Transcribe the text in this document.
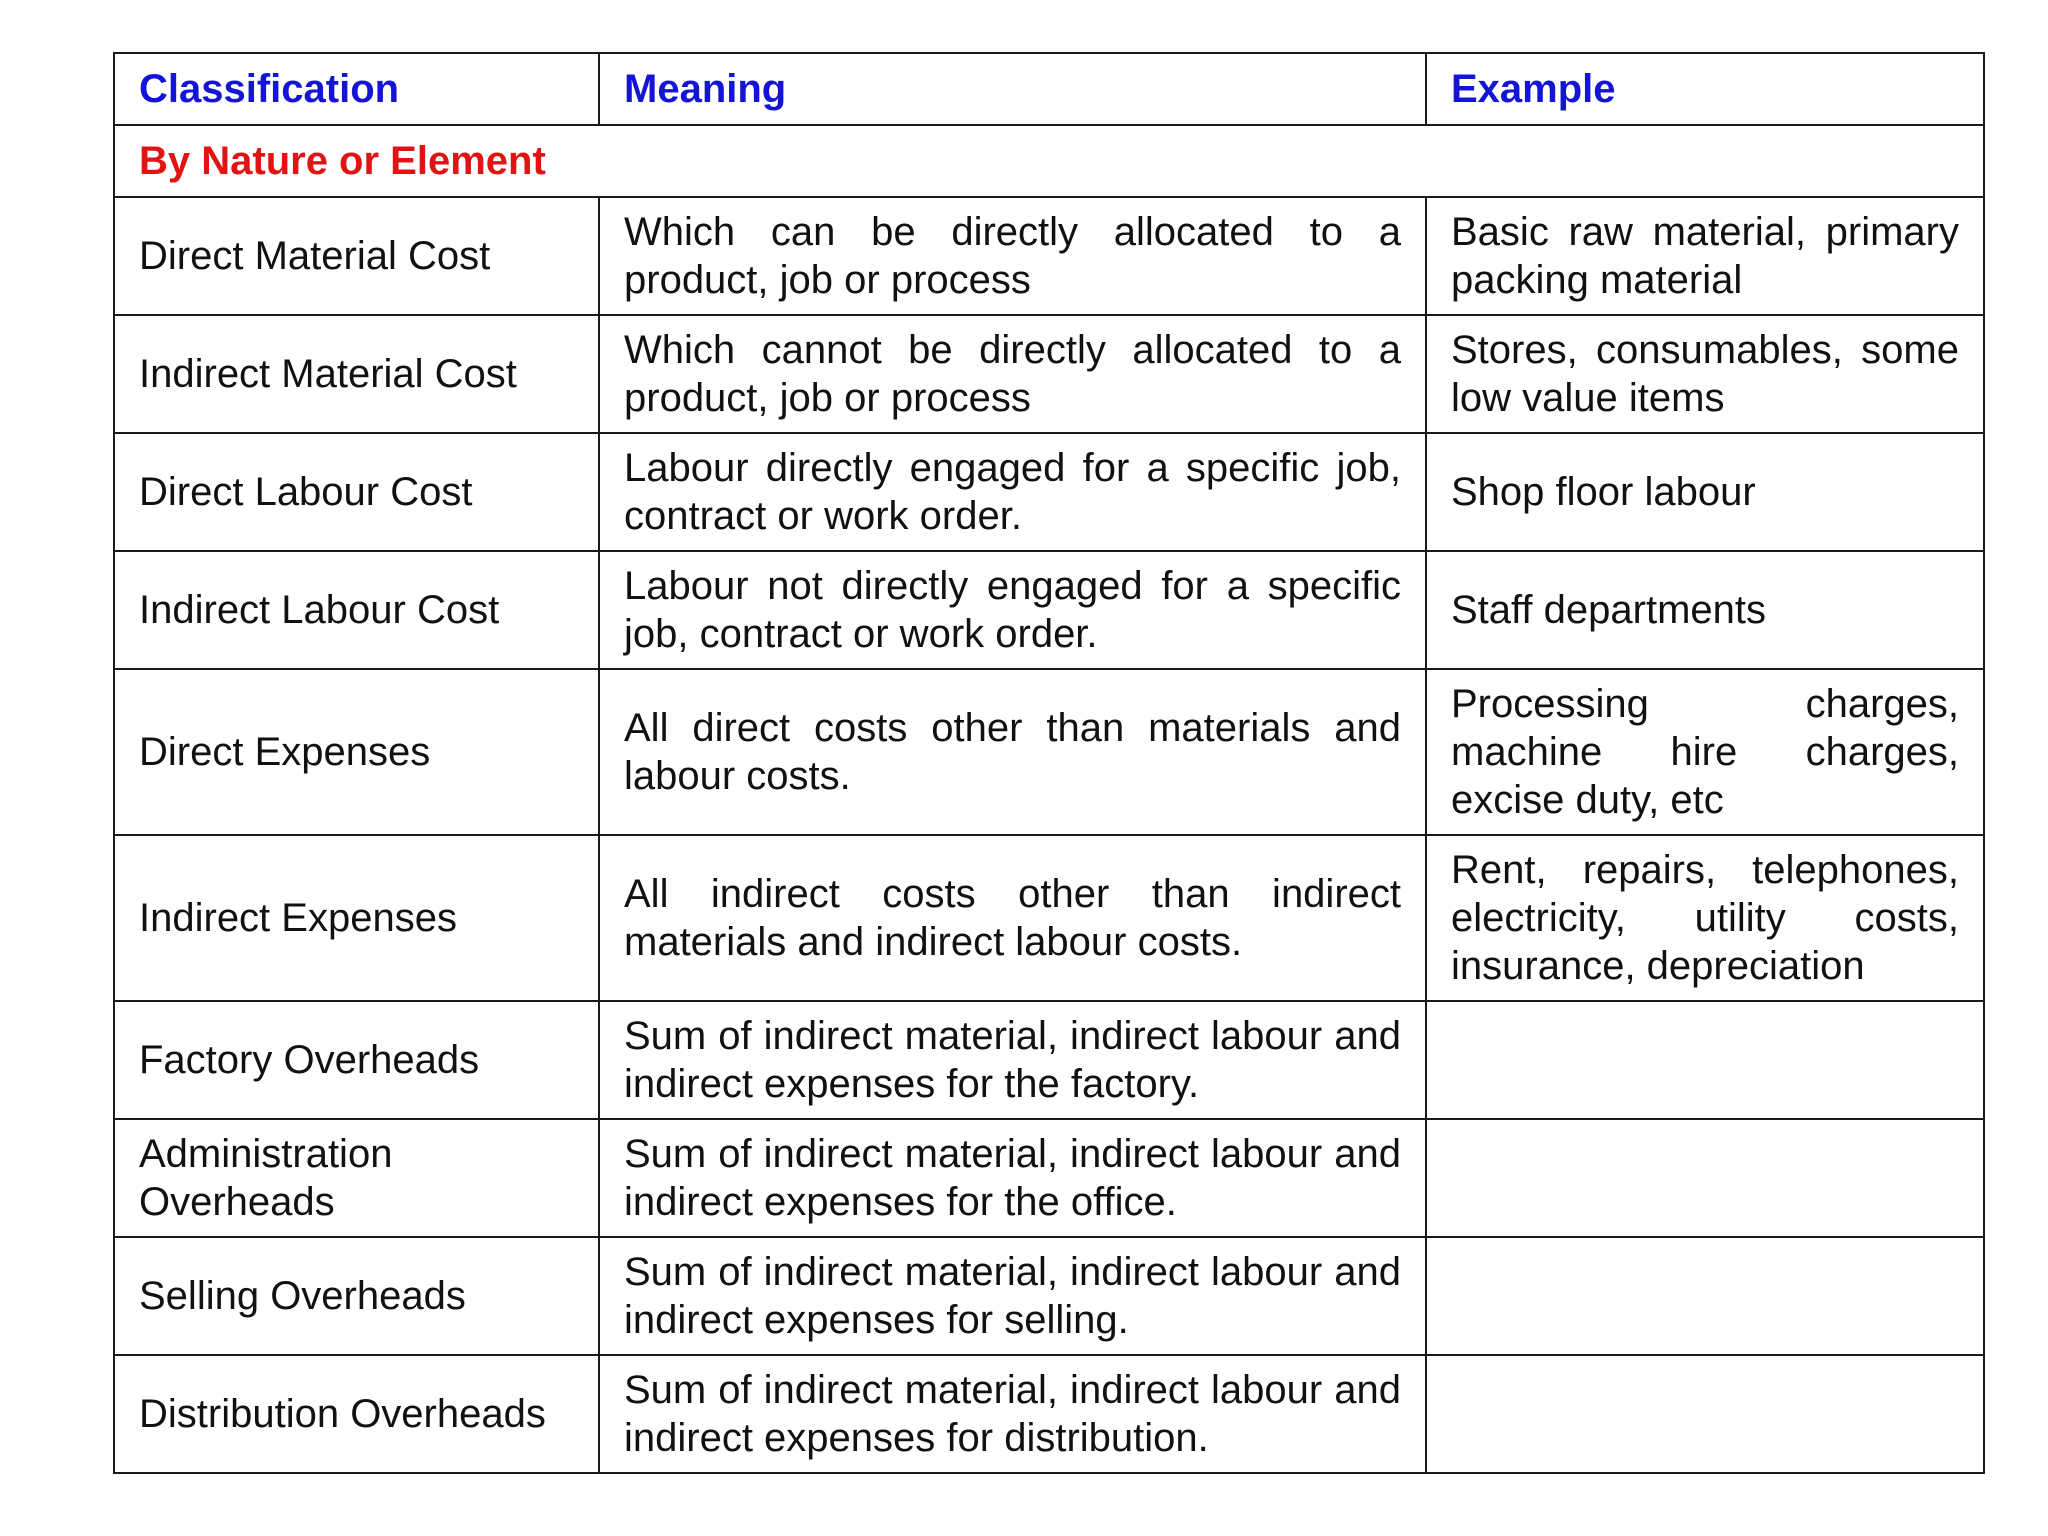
Classification	Meaning	Example
By Nature or Element		
Direct Material Cost	Which can be directly allocated to a product, job or process	Basic raw material, primary packing material
Indirect Material Cost	Which cannot be directly allocated to a product, job or process	Stores, consumables, some low value items
Direct Labour Cost	Labour directly engaged for a specific job, contract or work order.	Shop floor labour
Indirect Labour Cost	Labour not directly engaged for a specific job, contract or work order.	Staff departments
Direct Expenses	All direct costs other than materials and labour costs.	Processing charges, machine hire charges, excise duty, etc
Indirect Expenses	All indirect costs other than indirect materials and indirect labour costs.	Rent, repairs, telephones, electricity, utility costs, insurance, depreciation
Factory Overheads	Sum of indirect material, indirect labour and indirect expenses for the factory.	
Administration Overheads	Sum of indirect material, indirect labour and indirect expenses for the office.	
Selling Overheads	Sum of indirect material, indirect labour and indirect expenses for selling.	
Distribution Overheads	Sum of indirect material, indirect labour and indirect expenses for distribution.	
